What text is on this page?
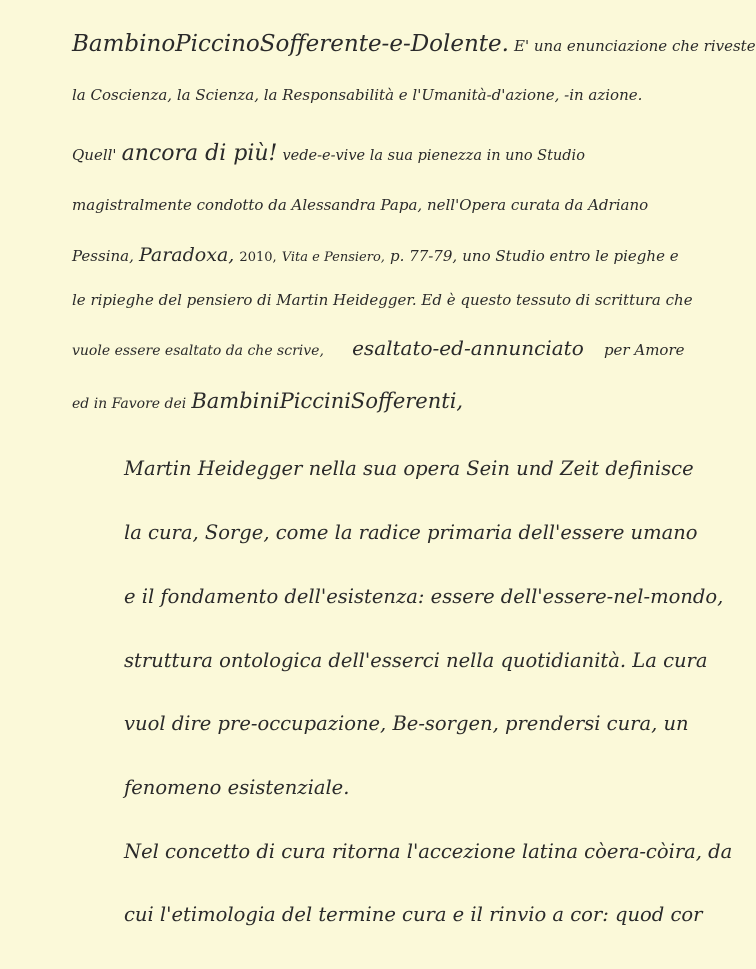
BambinoPiccinoSofferente-e-Dolente. E' una enunciazione che riveste
la Coscienza, la Scienza, la Responsabilità e l'Umanità-d'azione, -in azione.
Quell' ancora di più! vede-e-vive la sua pienezza in uno Studio
magistralmente condotto da Alessandra Papa, nell'Opera curata da Adriano
Pessina, Paradoxa, 2010, Vita e Pensiero, p. 77-79, uno Studio entro le pieghe e
le ripieghe del pensiero di Martin Heidegger. Ed è questo tessuto di scrittura che
vuole essere esaltato da che scrive, esaltato-ed-annunciato per Amore
ed in Favore dei BambiniPicciniSofferenti,
Martin Heidegger nella sua opera Sein und Zeit definisce
la cura, Sorge, come la radice primaria dell'essere umano
e il fondamento dell'esistenza: essere dell'essere-nel-mondo,
struttura ontologica dell'esserci nella quotidianità. La cura
vuol dire pre-occupazione, Be-sorgen, prendersi cura, un
fenomeno esistenziale.
Nel concetto di cura ritorna l'accezione latina còera-còira, da
cui l'etimologia del termine cura e il rinvio a cor: quod cor
